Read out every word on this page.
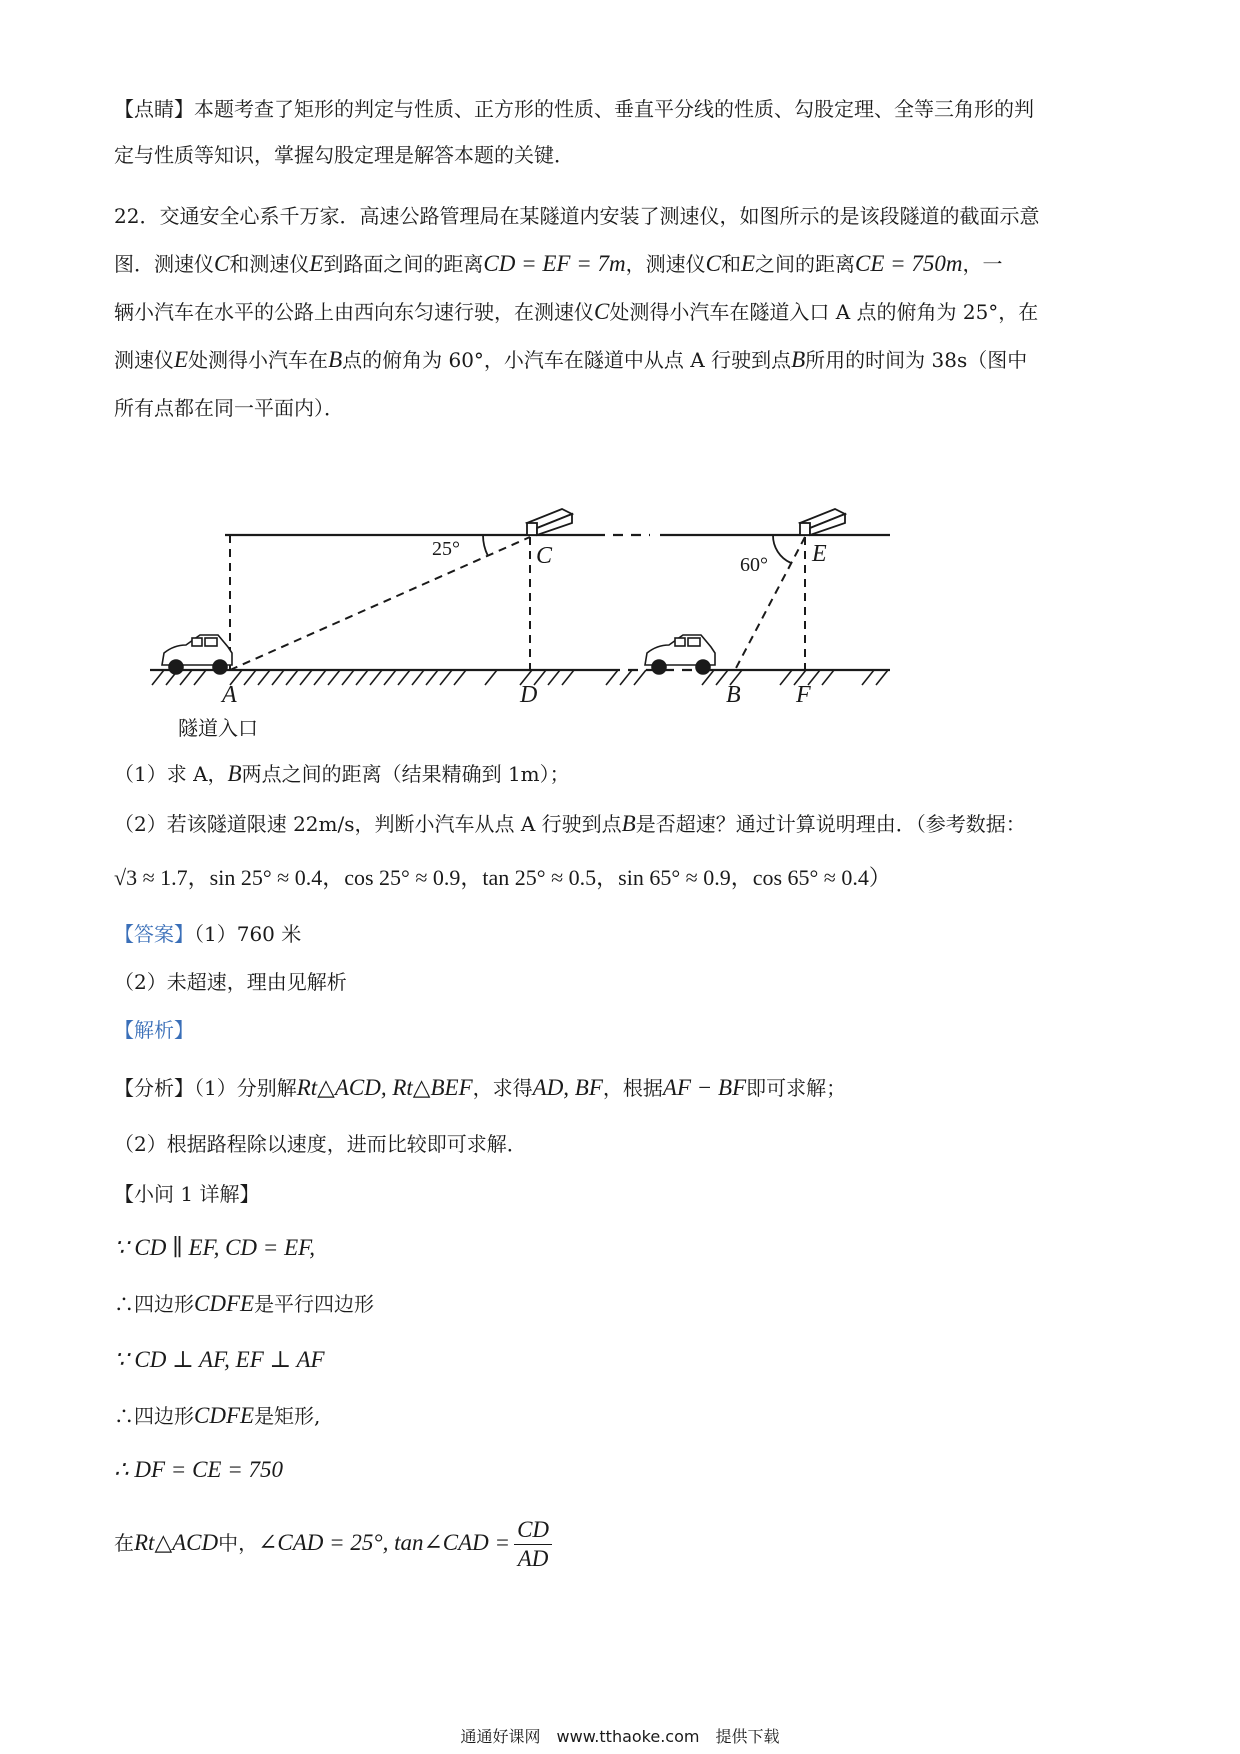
【点睛】本题考查了矩形的判定与性质、正方形的性质、垂直平分线的性质、勾股定理、全等三角形的判
定与性质等知识，掌握勾股定理是解答本题的关键．
22．交通安全心系千万家．高速公路管理局在某隧道内安装了测速仪，如图所示的是该段隧道的截面示意
图．测速仪C和测速仪E到路面之间的距离CD = EF = 7m，测速仪C和E之间的距离CE = 750m，一
辆小汽车在水平的公路上由西向东匀速行驶，在测速仪C处测得小汽车在隧道入口 A 点的俯角为 25°，在
测速仪E处测得小汽车在B点的俯角为 60°，小汽车在隧道中从点 A 行驶到点B所用的时间为 38s（图中
所有点都在同一平面内）．
C	E
A	D	B F
25°
60°
隧道入口
（1）求 A，B两点之间的距离（结果精确到 1m）；
（2）若该隧道限速 22m/s，判断小汽车从点 A 行驶到点B是否超速？通过计算说明理由．（参考数据：
√3 ≈ 1.7，sin 25° ≈ 0.4，cos 25° ≈ 0.9，tan 25° ≈ 0.5，sin 65° ≈ 0.9，cos 65° ≈ 0.4）
【答案】（1）760 米
（2）未超速，理由见解析
【解析】
【分析】（1）分别解Rt△ACD, Rt△BEF，求得AD, BF，根据AF − BF即可求解；
（2）根据路程除以速度，进而比较即可求解．
【小问 1 详解】
∵ CD ∥ EF, CD = EF,
∴四边形CDFE是平行四边形
∵ CD ⊥ AF, EF ⊥ AF
∴四边形CDFE是矩形,
∴ DF = CE = 750
在Rt△ACD中，∠CAD = 25°, tan∠CAD = $\frac{CD}{AD}$
通通好课网　www.tthaoke.com　提供下载
